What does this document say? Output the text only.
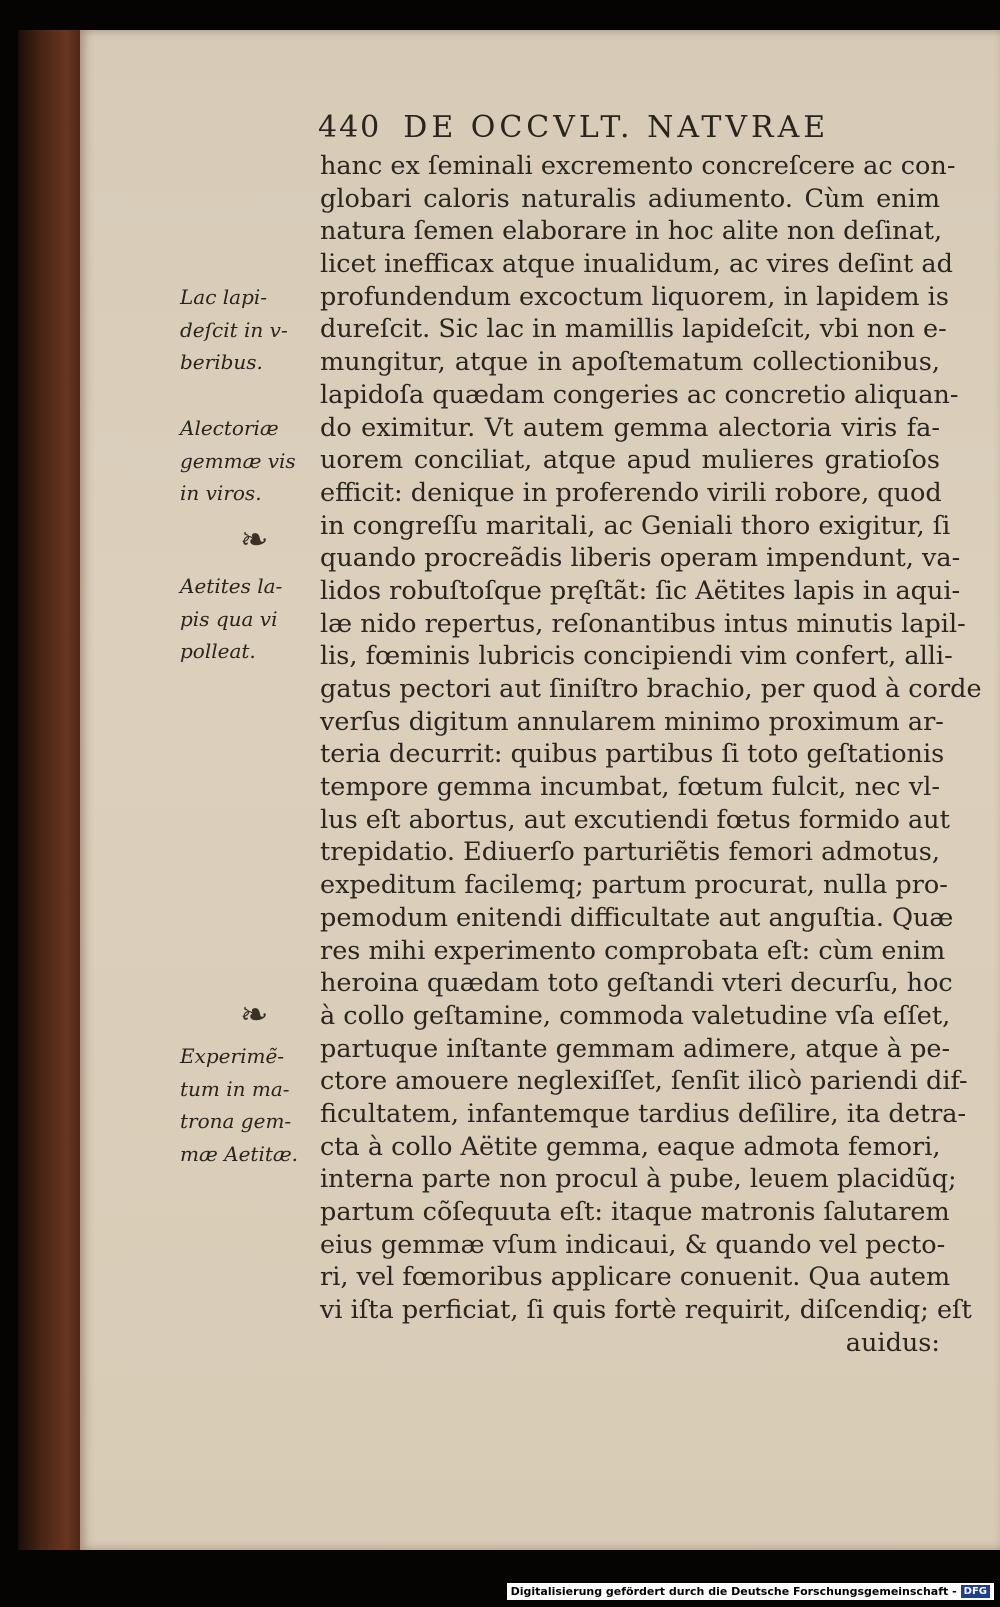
440 DE OCCVLT. NATVRAE
hanc ex ſeminali excremento concreſcere ac con-
globari caloris naturalis adiumento. Cùm enim
natura ſemen elaborare in hoc alite non deſinat,
licet inefficax atque inualidum, ac vires deſint ad
profundendum excoctum liquorem, in lapidem is
dureſcit. Sic lac in mamillis lapideſcit, vbi non e-
mungitur, atque in apoſtematum collectionibus,
lapidoſa quædam congeries ac concretio aliquan-
do eximitur. Vt autem gemma alectoria viris fa-
uorem conciliat, atque apud mulieres gratioſos
efficit: denique in proferendo virili robore, quod
in congreſſu maritali, ac Geniali thoro exigitur, ſi
quando procreãdis liberis operam impendunt, va-
lidos robuſtoſque pręſtãt: ſic Aëtites lapis in aqui-
læ nido repertus, reſonantibus intus minutis lapil-
lis, fœminis lubricis concipiendi vim confert, alli-
gatus pectori aut ſiniſtro brachio, per quod à corde
verſus digitum annularem minimo proximum ar-
teria decurrit: quibus partibus ſi toto geſtationis
tempore gemma incumbat, fœtum fulcit, nec vl-
lus eſt abortus, aut excutiendi fœtus formido aut
trepidatio. Ediuerſo parturiẽtis femori admotus,
expeditum facilemq; partum procurat, nulla pro-
pemodum enitendi difficultate aut anguſtia. Quæ
res mihi experimento comprobata eſt: cùm enim
heroina quædam toto geſtandi vteri decurſu, hoc
à collo geſtamine, commoda valetudine vſa eſſet,
partuque inſtante gemmam adimere, atque à pe-
ctore amouere neglexiſſet, ſenſit ilicò pariendi dif-
ficultatem, infantemque tardius deſilire, ita detra-
cta à collo Aëtite gemma, eaque admota femori,
interna parte non procul à pube, leuem placidũq;
partum cõſequuta eſt: itaque matronis ſalutarem
eius gemmæ vſum indicaui, & quando vel pecto-
ri, vel fœmoribus applicare conuenit. Qua autem
vi iſta perficiat, ſi quis fortè requirit, diſcendiq; eſt
auidus:
Lac lapi-
deſcit in v-
beribus.
Alectoriæ
gemmæ vis
in viros.
❧
Aetites la-
pis qua vi
polleat.
❧
Experimẽ-
tum in ma-
trona gem-
mæ Aetitæ.
Digitalisierung gefördert durch die Deutsche Forschungsgemeinschaft - DFG
